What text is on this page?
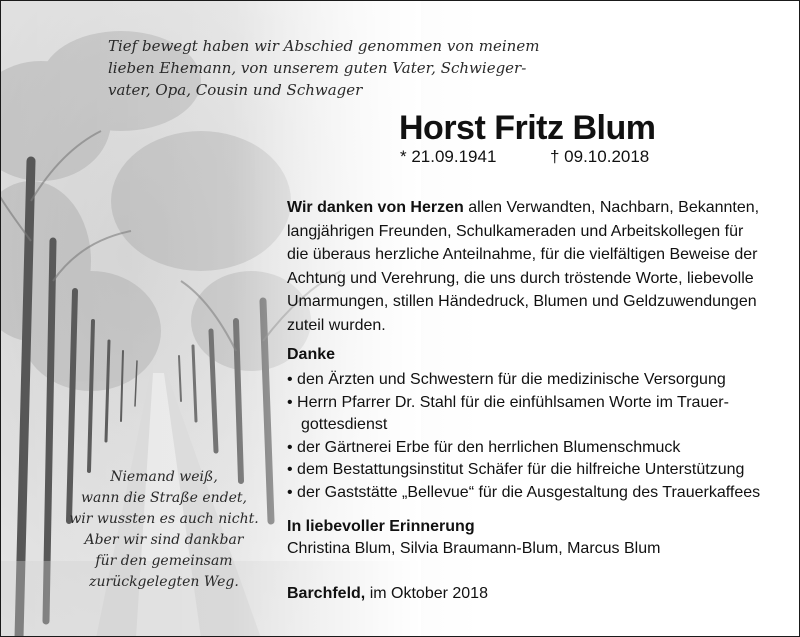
Tief bewegt haben wir Abschied genommen von meinem
lieben Ehemann, von unserem guten Vater, Schwieger-
vater, Opa, Cousin und Schwager
Horst Fritz Blum
* 21.09.1941	† 09.10.2018
Wir danken von Herzen allen Verwandten, Nachbarn, Bekannten,
langjährigen Freunden, Schulkameraden und Arbeitskollegen für
die überaus herzliche Anteilnahme, für die vielfältigen Beweise der
Achtung und Verehrung, die uns durch tröstende Worte, liebevolle
Umarmungen, stillen Händedruck, Blumen und Geldzuwendungen
zuteil wurden.
Danke
• den Ärzten und Schwestern für die medizinische Versorgung
• Herrn Pfarrer Dr. Stahl für die einfühlsamen Worte im Trauer-
gottesdienst
• der Gärtnerei Erbe für den herrlichen Blumenschmuck
• dem Bestattungsinstitut Schäfer für die hilfreiche Unterstützung
• der Gaststätte „Bellevue“ für die Ausgestaltung des Trauerkaffees
In liebevoller Erinnerung
Christina Blum, Silvia Braumann-Blum, Marcus Blum
Barchfeld, im Oktober 2018
Niemand weiß,
wann die Straße endet,
wir wussten es auch nicht.
Aber wir sind dankbar
für den gemeinsam
zurückgelegten Weg.
